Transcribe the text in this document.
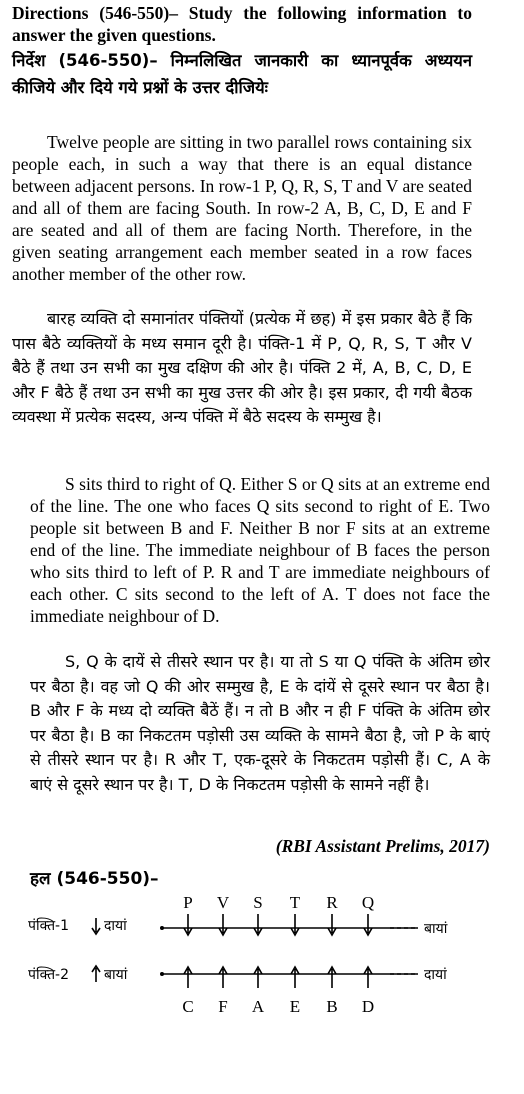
Directions (546-550)– Study the following information to answer the given questions.

निर्देश (546-550)– निम्नलिखित जानकारी का ध्यानपूर्वक अध्ययन कीजिये और दिये गये प्रश्नों के उत्तर दीजियेः

Twelve people are sitting in two parallel rows containing six people each, in such a way that there is an equal distance between adjacent persons. In row-1 P, Q, R, S, T and V are seated and all of them are facing South. In row-2 A, B, C, D, E and F are seated and all of them are facing North. Therefore, in the given seating arrangement each member seated in a row faces another member of the other row.

बारह व्यक्ति दो समानांतर पंक्तियों (प्रत्येक में छह) में इस प्रकार बैठे हैं कि पास बैठे व्यक्तियों के मध्य समान दूरी है। पंक्ति-1 में P, Q, R, S, T और V बैठे हैं तथा उन सभी का मुख दक्षिण की ओर है। पंक्ति 2 में, A, B, C, D, E और F बैठे हैं तथा उन सभी का मुख उत्तर की ओर है। इस प्रकार, दी गयी बैठक व्यवस्था में प्रत्येक सदस्य, अन्य पंक्ति में बैठे सदस्य के सम्मुख है।

S sits third to right of Q. Either S or Q sits at an extreme end of the line. The one who faces Q sits second to right of E. Two people sit between B and F. Neither B nor F sits at an extreme end of the line. The immediate neighbour of B faces the person who sits third to left of P. R and T are immediate neighbours of each other. C sits second to the left of A. T does not face the immediate neighbour of D.

S, Q के दायें से तीसरे स्थान पर है। या तो S या Q पंक्ति के अंतिम छोर पर बैठा है। वह जो Q की ओर सम्मुख है, E के दांयें से दूसरे स्थान पर बैठा है। B और F के मध्य दो व्यक्ति बैठें हैं। न तो B और न ही F पंक्ति के अंतिम छोर पर बैठा है। B का निकटतम पड़ोसी उस व्यक्ति के सामने बैठा है, जो P के बाएं से तीसरे स्थान पर है। R और T, एक-दूसरे के निकटतम पड़ोसी हैं। C, A के बाएं से दूसरे स्थान पर है। T, D के निकटतम पड़ोसी के सामने नहीं है।

(RBI Assistant Prelims, 2017)

हल (546-550)–
पंक्ति-1 दायां	बायां
पंक्ति-2 बायां	दायां
P
C
V
F
S
A
T
E
R
B
Q
D
